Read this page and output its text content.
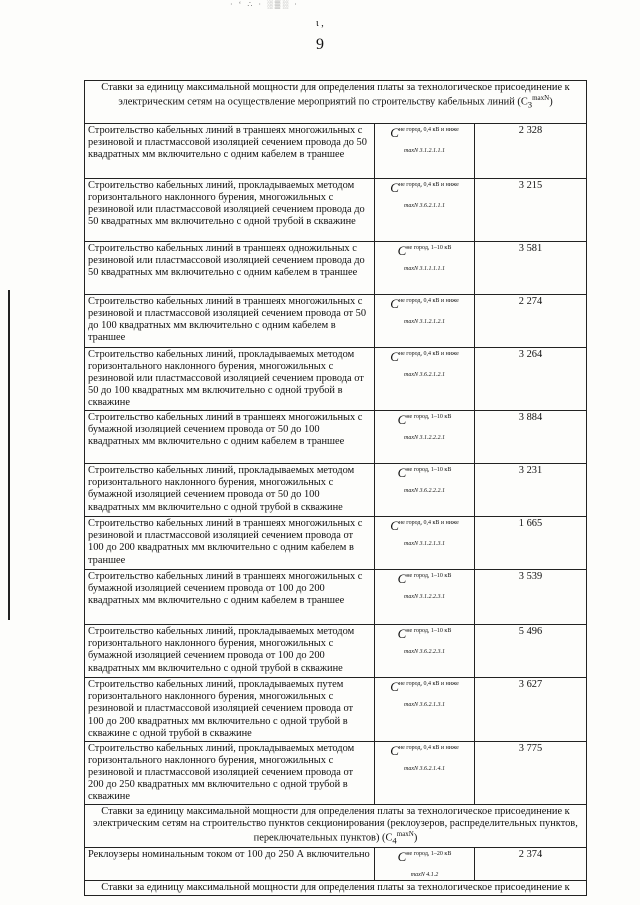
· ʻ ∴ · ░▒░ ·
ι ,
9
Ставки за единицу максимальной мощности для определения платы за технологическое присоединение к электрическим сетям на осуществление мероприятий по строительству кабельных линий $(C_3^{maxN})$		
Строительство кабельных линий в траншеях многожильных с резиновой и пластмассовой изоляцией сечением провода до 50 квадратных мм включительно с одним кабелем в траншее	$C^{не город, 0,4 кВ и ниже}$
$_{maxN 3.1.2.1.1.1}$	2 328
Строительство кабельных линий, прокладываемых методом горизонтального наклонного бурения, многожильных с резиновой или пластмассовой изоляцией сечением провода до 50 квадратных мм включительно с одной трубой в скважине	$C^{не город, 0,4 кВ и ниже}$
$_{maxN 3.6.2.1.1.1}$	3 215
Строительство кабельных линий в траншеях одножильных с резиновой или пластмассовой изоляцией сечением провода до 50 квадратных мм включительно с одним кабелем в траншее	$C^{не город, 1-10 кВ}$
$_{maxN 3.1.1.1.1.1}$	3 581
Строительство кабельных линий в траншеях многожильных с резиновой и пластмассовой изоляцией сечением провода от 50 до 100 квадратных мм включительно с одним кабелем в траншее	$C^{не город, 0,4 кВ и ниже}$
$_{maxN 3.1.2.1.2.1}$	2 274
Строительство кабельных линий, прокладываемых методом горизонтального наклонного бурения, многожильных с резиновой или пластмассовой изоляцией сечением провода от 50 до 100 квадратных мм включительно с одной трубой в скважине	$C^{не город, 0,4 кВ и ниже}$
$_{maxN 3.6.2.1.2.1}$	3 264
Строительство кабельных линий в траншеях многожильных с бумажной изоляцией сечением провода от 50 до 100 квадратных мм включительно с одним кабелем в траншее	$C^{не город, 1-10 кВ}$
$_{maxN 3.1.2.2.2.1}$	3 884
Строительство кабельных линий, прокладываемых методом горизонтального наклонного бурения, многожильных с бумажной изоляцией сечением провода от 50 до 100 квадратных мм включительно с одной трубой в скважине	$C^{не город, 1-10 кВ}$
$_{maxN 3.6.2.2.2.1}$	3 231
Строительство кабельных линий в траншеях многожильных с резиновой и пластмассовой изоляцией сечением провода от 100 до 200 квадратных мм включительно с одним кабелем в траншее	$C^{не город, 0,4 кВ и ниже}$
$_{maxN 3.1.2.1.3.1}$	1 665
Строительство кабельных линий в траншеях многожильных с бумажной изоляцией сечением провода от 100 до 200 квадратных мм включительно с одним кабелем в траншее	$C^{не город, 1-10 кВ}$
$_{maxN 3.1.2.2.3.1}$	3 539
Строительство кабельных линий, прокладываемых методом горизонтального наклонного бурения, многожильных с бумажной изоляцией сечением провода от 100 до 200 квадратных мм включительно с одной трубой в скважине	$C^{не город, 1-10 кВ}$
$_{maxN 3.6.2.2.3.1}$	5 496
Строительство кабельных линий, прокладываемых путем горизонтального наклонного бурения, многожильных с резиновой и пластмассовой изоляцией сечением провода от 100 до 200 квадратных мм включительно с одной трубой в скважине с одной трубой в скважине	$C^{не город, 0,4 кВ и ниже}$
$_{maxN 3.6.2.1.3.1}$	3 627
Строительство кабельных линий, прокладываемых методом горизонтального наклонного бурения, многожильных с резиновой и пластмассовой изоляцией сечением провода от 200 до 250 квадратных мм включительно с одной трубой в скважине	$C^{не город, 0,4 кВ и ниже}$
$_{maxN 3.6.2.1.4.1}$	3 775
Ставки за единицу максимальной мощности для определения платы за технологическое присоединение к электрическим сетям на строительство пунктов секционирования (реклоузеров, распределительных пунктов, переключательных пунктов) $(C_4^{maxN})$		
Реклоузеры номинальным током от 100 до 250 А включительно	$C^{не город, 1-20 кВ}$
$_{maxN 4.1.2}$	2 374
Ставки за единицу максимальной мощности для определения платы за технологическое присоединение к		
